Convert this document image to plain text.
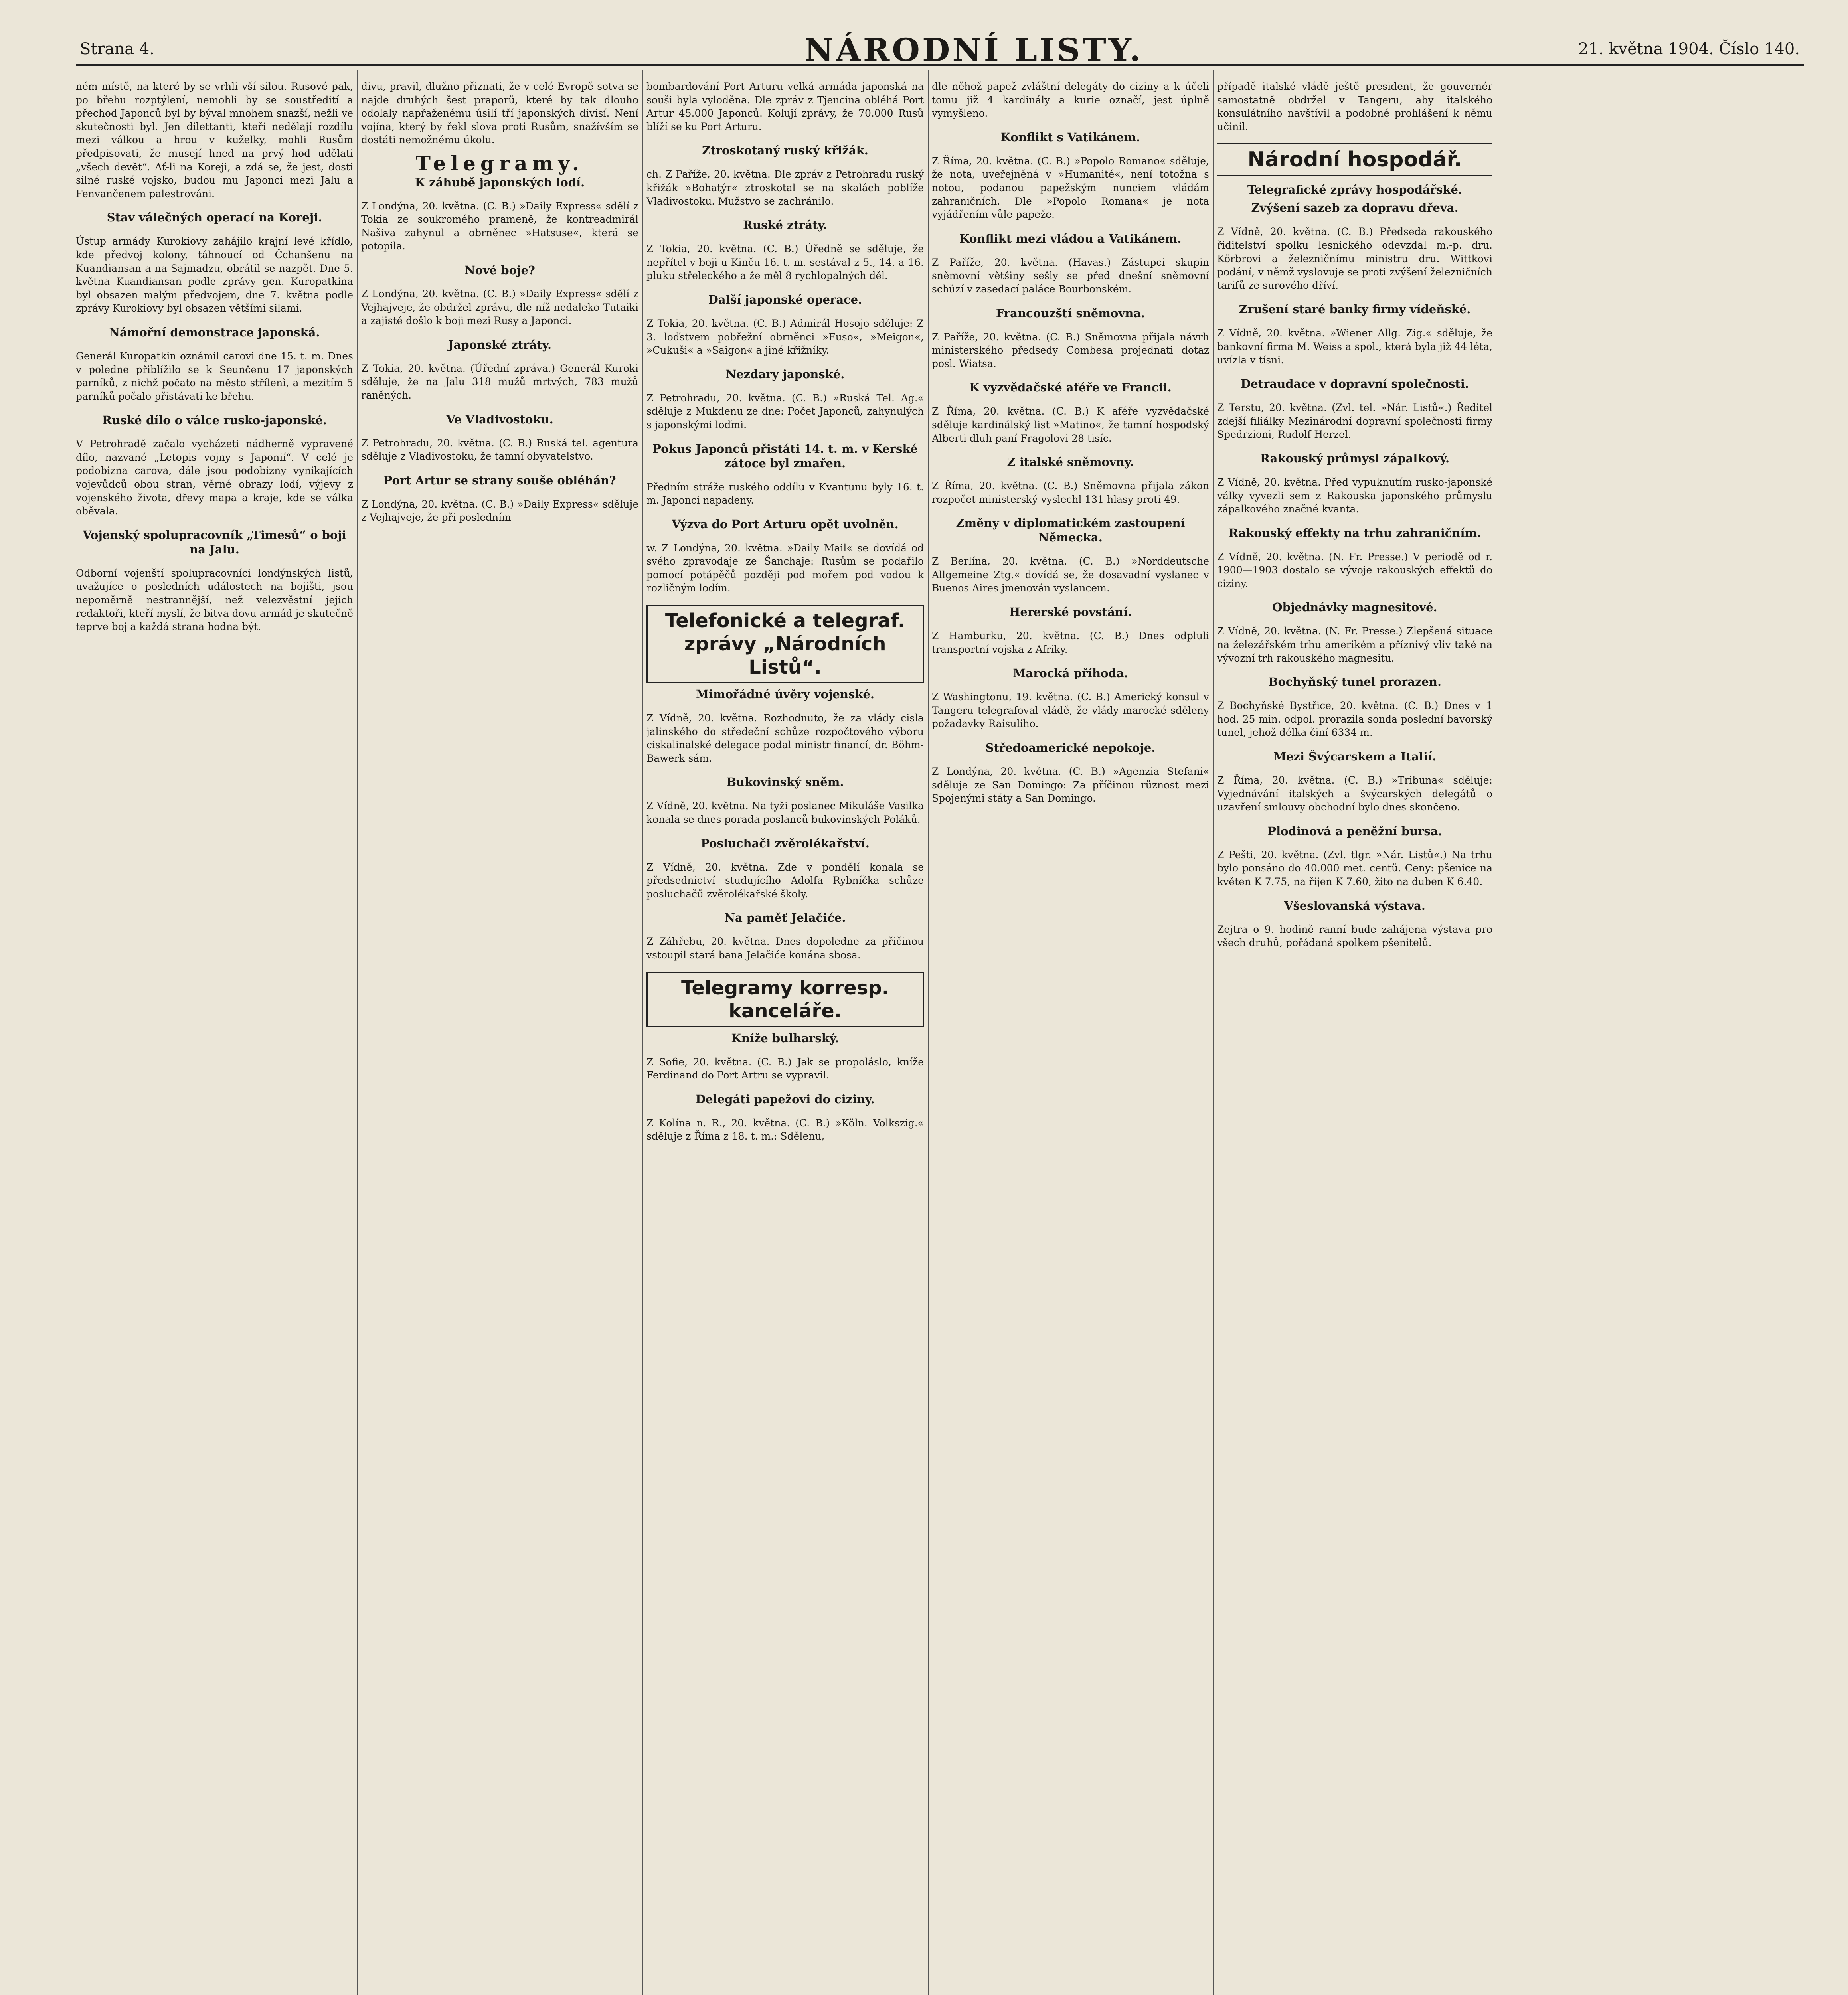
Strana 4.	NÁRODNÍ LISTY.	21. května 1904. Číslo 140.

ném místě, na které by se vrhli vší silou. Rusové pak, po břehu rozptýlení, nemohli by se soustředití a přechod Japonců byl by býval mnohem snazší, nežli ve skutečnosti byl. Jen dilettanti, kteří nedělají rozdílu mezi válkou a hrou v kuželky, mohli Rusům předpisovati, že musejí hned na prvý hod udělati „všech devět“. Ať-li na Koreji, a zdá se, že jest, dosti silné ruské vojsko, budou mu Japonci mezi Jalu a Fenvančenem palestrováni.

Stav válečných operací na Koreji.

Ústup armády Kurokiovy zahájilo krajní levé křídlo, kde předvoj kolony, táhnoucí od Čchanšenu na Kuandiansan a na Sajmadzu, obrátil se nazpět. Dne 5. května Kuandiansan podle zprávy gen. Kuropatkina byl obsazen malým předvojem, dne 7. května podle zprávy Kurokiovy byl obsazen většími silami.

Námořní demonstrace japonská.

Generál Kuropatkin oznámil carovi dne 15. t. m. Dnes v poledne přiblížilo se k Seunčenu 17 japonských parníků, z nichž počato na město střílenì, a mezitím 5 parníků počalo přistávati ke břehu.

Ruské dílo o válce rusko-japonské.

V Petrohradě začalo vycházeti nádherně vypravené dílo, nazvané „Letopis vojny s Japonií“. V celé je podobizna carova, dále jsou podobizny vynikajících vojevůdců obou stran, věrné obrazy lodí, výjevy z vojenského života, dřevy mapa a kraje, kde se válka oběvala.

Vojenský spolupracovník „Timesů“ o boji na Jalu.

Odborní vojenští spolupracovníci londýnských listů, uvažujíce o posledních událostech na bojišti, jsou nepoměrně nestrannější, než velezvěstní jejich redaktoři, kteří myslí, že bitva dovu armád je skutečně teprve boj a každá strana hodna být.

divu, pravil, dlužno přiznati, že v celé Evropě sotva se najde druhých šest praporů, které by tak dlouho odolaly napřaženému úsilí tří japonských divisí. Není vojína, který by řekl slova proti Rusům, snažívším se dostáti nemožnému úkolu.

Telegramy.
K záhubě japonských lodí.

Z Londýna, 20. května. (C. B.) »Daily Express« sdělí z Tokia ze soukromého prameně, že kontreadmirál Našiva zahynul a obrněnec »Hatsuse«, která se potopila.

Nové boje?

Z Londýna, 20. května. (C. B.) »Daily Express« sdělí z Vejhajveje, že obdržel zprávu, dle níž nedaleko Tutaiki a zajisté došlo k boji mezi Rusy a Japonci.

Japonské ztráty.

Z Tokia, 20. května. (Úřední zpráva.) Generál Kuroki sděluje, že na Jalu 318 mužů mrtvých, 783 mužů raněných.

Ve Vladivostoku.

Z Petrohradu, 20. května. (C. B.) Ruská tel. agentura sděluje z Vladivostoku, že tamní obyvatelstvo.

Port Artur se strany souše obléhán?

Z Londýna, 20. května. (C. B.) »Daily Express« sděluje z Vejhajveje, že při posledním

bombardování Port Arturu velká armáda japonská na souši byla vyloděna. Dle zpráv z Tjencina obléhá Port Artur 45.000 Japonců. Kolují zprávy, že 70.000 Rusů blíží se ku Port Arturu.

Ztroskotaný ruský křižák.

ch. Z Paříže, 20. května. Dle zpráv z Petrohradu ruský křižák »Bohatýr« ztroskotal se na skalách poblíže Vladivostoku. Mužstvo se zachránilo.

Ruské ztráty.

Z Tokia, 20. května. (C. B.) Úředně se sděluje, že nepřítel v boji u Kinču 16. t. m. sestával z 5., 14. a 16. pluku střeleckého a že měl 8 rychlopalných děl.

Další japonské operace.

Z Tokia, 20. května. (C. B.) Admirál Hosojo sděluje: Z 3. loďstvem pobřežní obrněnci »Fuso«, »Meigon«, »Cukuši« a »Saigon« a jiné křižníky.

Nezdary japonské.

Z Petrohradu, 20. května. (C. B.) »Ruská Tel. Ag.« sděluje z Mukdenu ze dne: Počet Japonců, zahynulých s japonskými loďmi.

Pokus Japonců přistáti 14. t. m. v Kerské zátoce byl zmařen.

Předním stráže ruského oddílu v Kvantunu byly 16. t. m. Japonci napadeny.

Výzva do Port Arturu opět uvolněn.

w. Z Londýna, 20. května. »Daily Mail« se dovídá od svého zpravodaje ze Šanchaje: Rusům se podařilo pomocí potápěčů později pod mořem pod vodou k rozličným lodím.

Telefonické a telegraf. zprávy „Národních Listů“.
Mimořádné úvěry vojenské.

Z Vídně, 20. května. Rozhodnuto, že za vlády cisla jalinského do středeční schůze rozpočtového výboru ciskalinalské delegace podal ministr financí, dr. Böhm-Bawerk sám.

Bukovinský sněm.

Z Vídně, 20. května. Na tyži poslanec Mikuláše Vasilka konala se dnes porada poslanců bukovinských Poláků.

Posluchači zvěrolékařství.

Z Vídně, 20. května. Zde v pondělí konala se předsednictví studujícího Adolfa Rybníčka schůze posluchačů zvěrolékařské školy.

Na paměť Jelačiće.

Z Záhřebu, 20. května. Dnes dopoledne za přičinou vstoupil stará bana Jelačiće konána sbosa.

Telegramy korresp. kanceláře.
Kníže bulharský.

Z Sofie, 20. května. (C. B.) Jak se propoláslo, kníže Ferdinand do Port Artru se vypravil.

Delegáti papežovi do ciziny.

Z Kolína n. R., 20. května. (C. B.) »Köln. Volkszig.« sděluje z Říma z 18. t. m.: Sdělenu,

dle něhož papež zvláštní delegáty do ciziny a k účeli tomu již 4 kardinály a kurie označí, jest úplně vymyšleno.

Konflikt s Vatikánem.

Z Říma, 20. května. (C. B.) »Popolo Romano« sděluje, že nota, uveřejněná v »Humanité«, není totožna s notou, podanou papežským nunciem vládám zahraničních. Dle »Popolo Romana« je nota vyjádřením vůle papeže.

Konflikt mezi vládou a Vatikánem.

Z Paříže, 20. května. (Havas.) Zástupci skupin sněmovní většiny sešly se před dnešní sněmovní schůzí v zasedací paláce Bourbonském.

Francouzští sněmovna.

Z Paříže, 20. května. (C. B.) Sněmovna přijala návrh ministerského předsedy Combesa projednati dotaz posl. Wiatsa.

K vyzvědačské aféře ve Francii.

Z Říma, 20. května. (C. B.) K aféře vyzvědačské sděluje kardinálský list »Matino«, že tamní hospodský Alberti dluh paní Fragolovi 28 tisíc.

Z italské sněmovny.

Z Říma, 20. května. (C. B.) Sněmovna přijala zákon rozpočet ministerský vyslechl 131 hlasy proti 49.

Změny v diplomatickém zastoupení Německa.

Z Berlína, 20. května. (C. B.) »Norddeutsche Allgemeine Ztg.« dovídá se, že dosavadní vyslanec v Buenos Aires jmenován vyslancem.

Hererské povstání.

Z Hamburku, 20. května. (C. B.) Dnes odpluli transportní vojska z Afriky.

Marocká příhoda.

Z Washingtonu, 19. května. (C. B.) Americký konsul v Tangeru telegrafoval vládě, že vlády marocké sděleny požadavky Raisuliho.

Středoamerické nepokoje.

Z Londýna, 20. května. (C. B.) »Agenzia Stefani« sděluje ze San Domingo: Za příčinou různost mezi Spojenými státy a San Domingo.

případě italské vládě ještě president, že gouvernér samostatně obdržel v Tangeru, aby italského konsulátního navštívil a podobné prohlášení k němu učinil.

Národní hospodář.
Telegrafické zprávy hospodářské.
Zvýšení sazeb za dopravu dřeva.

Z Vídně, 20. května. (C. B.) Předseda rakouského řiditelství spolku lesnického odevzdal m.-p. dru. Körbrovi a železničnímu ministru dru. Wittkovi podání, v němž vyslovuje se proti zvýšení železničních tarifů ze surového dříví.

Zrušení staré banky firmy vídeňské.

Z Vídně, 20. května. »Wiener Allg. Zig.« sděluje, že bankovní firma M. Weiss a spol., která byla již 44 léta, uvízla v tísni.

Detraudace v dopravní společnosti.

Z Terstu, 20. května. (Zvl. tel. »Nár. Listů«.) Ředitel zdejší filiálky Mezinárodní dopravní společnosti firmy Spedrzioni, Rudolf Herzel.

Rakouský průmysl zápalkový.

Z Vídně, 20. května. Před vypuknutím rusko-japonské války vyvezli sem z Rakouska japonského průmyslu zápalkového značné kvanta.

Rakouský effekty na trhu zahraničním.

Z Vídně, 20. května. (N. Fr. Presse.) V periodě od r. 1900—1903 dostalo se vývoje rakouských effektů do ciziny.

Objednávky magnesitové.

Z Vídně, 20. května. (N. Fr. Presse.) Zlepšená situace na železářském trhu amerikém a příznivý vliv také na vývozní trh rakouského magnesitu.

Bochyňský tunel prorazen.

Z Bochyňské Bystřice, 20. května. (C. B.) Dnes v 1 hod. 25 min. odpol. prorazila sonda poslední bavorský tunel, jehož délka činí 6334 m.

Mezi Švýcarskem a Italií.

Z Říma, 20. května. (C. B.) »Tribuna« sděluje: Vyjednávání italských a švýcarských delegátů o uzavření smlouvy obchodní bylo dnes skončeno.

Plodinová a peněžní bursa.

Z Pešti, 20. května. (Zvl. tlgr. »Nár. Listů«.) Na trhu bylo ponsáno do 40.000 met. centů. Ceny: pšenice na květen K 7.75, na říjen K 7.60, žito na duben K 6.40.

Všeslovanská výstava.

Zejtra o 9. hodině ranní bude zahájena výstava pro všech druhů, pořádaná spolkem pšenitelů.
